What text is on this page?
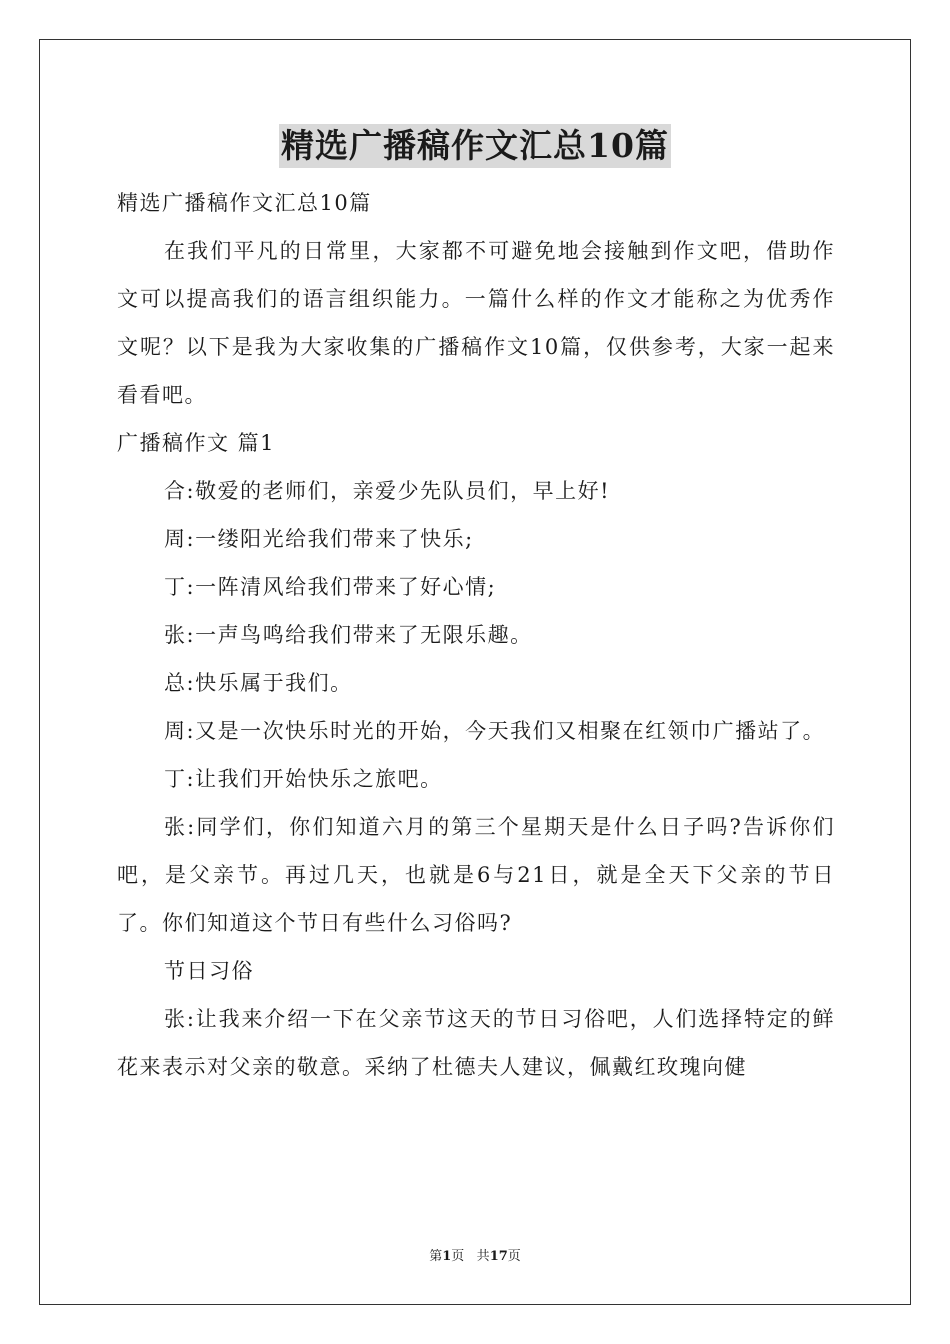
精选广播稿作文汇总10篇

精选广播稿作文汇总10篇

在我们平凡的日常里，大家都不可避免地会接触到作文吧，借助作文可以提高我们的语言组织能力。一篇什么样的作文才能称之为优秀作文呢？以下是我为大家收集的广播稿作文10篇，仅供参考，大家一起来看看吧。

广播稿作文 篇1

合:敬爱的老师们，亲爱少先队员们，早上好!

周:一缕阳光给我们带来了快乐;

丁:一阵清风给我们带来了好心情;

张:一声鸟鸣给我们带来了无限乐趣。

总:快乐属于我们。

周:又是一次快乐时光的开始，今天我们又相聚在红领巾广播站了。

丁:让我们开始快乐之旅吧。

张:同学们，你们知道六月的第三个星期天是什么日子吗?告诉你们吧，是父亲节。再过几天，也就是6与21日，就是全天下父亲的节日了。你们知道这个节日有些什么习俗吗?

节日习俗

张:让我来介绍一下在父亲节这天的节日习俗吧，人们选择特定的鲜花来表示对父亲的敬意。采纳了杜德夫人建议，佩戴红玫瑰向健

第1页 共17页
